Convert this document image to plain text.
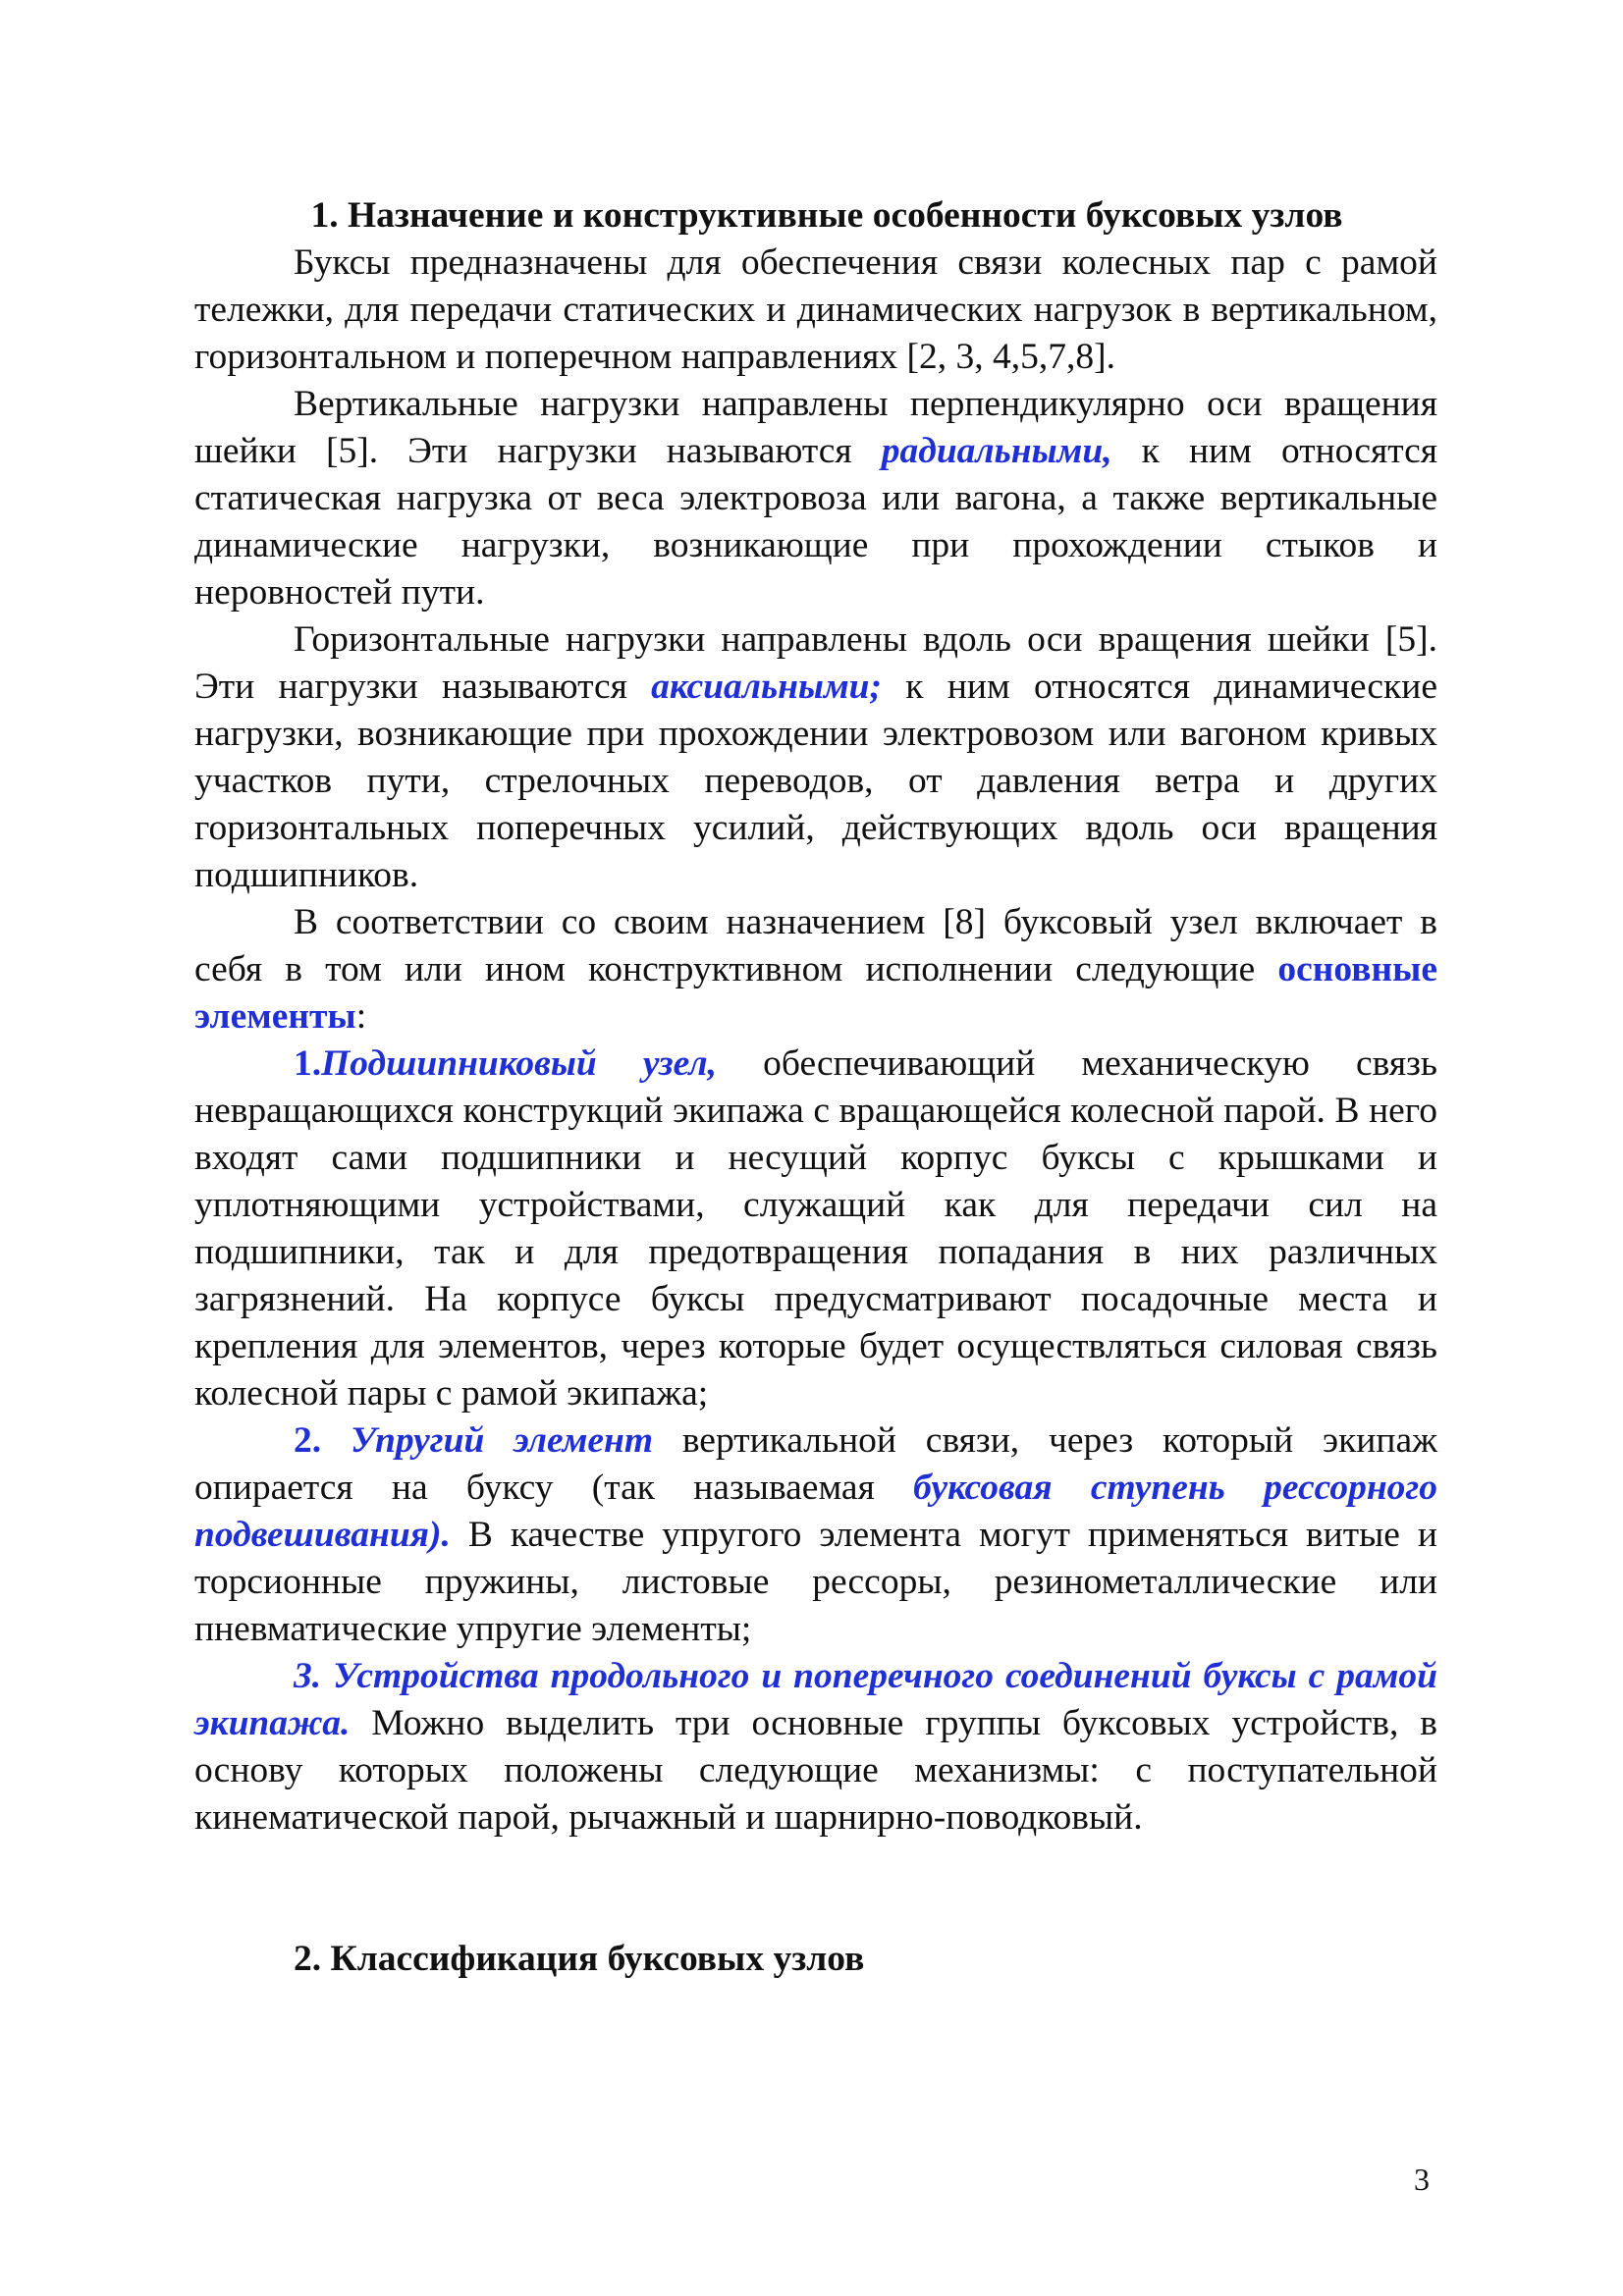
1. Назначение и конструктивные особенности буксовых узлов

Буксы предназначены для обеспечения связи колесных пар с рамой тележки, для передачи статических и динамических нагрузок в вертикальном, горизонтальном и поперечном направлениях [2, 3, 4,5,7,8].

Вертикальные нагрузки направлены перпендикулярно оси вращения шейки [5]. Эти нагрузки называются радиальными, к ним относятся статическая нагрузка от веса электровоза или вагона, а также вертикальные динамические нагрузки, возникающие при прохождении стыков и неровностей пути.

Горизонтальные нагрузки направлены вдоль оси вращения шейки [5]. Эти нагрузки называются аксиальными; к ним относятся динамические нагрузки, возникающие при прохождении электровозом или вагоном кривых участков пути, стрелочных переводов, от давления ветра и других горизонтальных поперечных усилий, действующих вдоль оси вращения подшипников.

В соответствии со своим назначением [8] буксовый узел включает в себя в том или ином конструктивном исполнении следующие основные элементы:

1.Подшипниковый узел, обеспечивающий механическую связь невращающихся конструкций экипажа с вращающейся колесной парой. В него входят сами подшипники и несущий корпус буксы с крышками и уплотняющими устройствами, служащий как для передачи сил на подшипники, так и для предотвращения попадания в них различных загрязнений. На корпусе буксы предусматривают посадочные места и крепления для элементов, через которые будет осуществляться силовая связь колесной пары с рамой экипажа;

2. Упругий элемент вертикальной связи, через который экипаж опирается на буксу (так называемая буксовая ступень рессорного подвешивания). В качестве упругого элемента могут применяться витые и торсионные пружины, листовые рессоры, резинометаллические или пневматические упругие элементы;

3. Устройства продольного и поперечного соединений буксы с рамой экипажа. Можно выделить три основные группы буксовых устройств, в основу которых положены следующие механизмы: с поступательной кинематической парой, рычажный и шарнирно-поводковый.

2. Классификация буксовых узлов

3
